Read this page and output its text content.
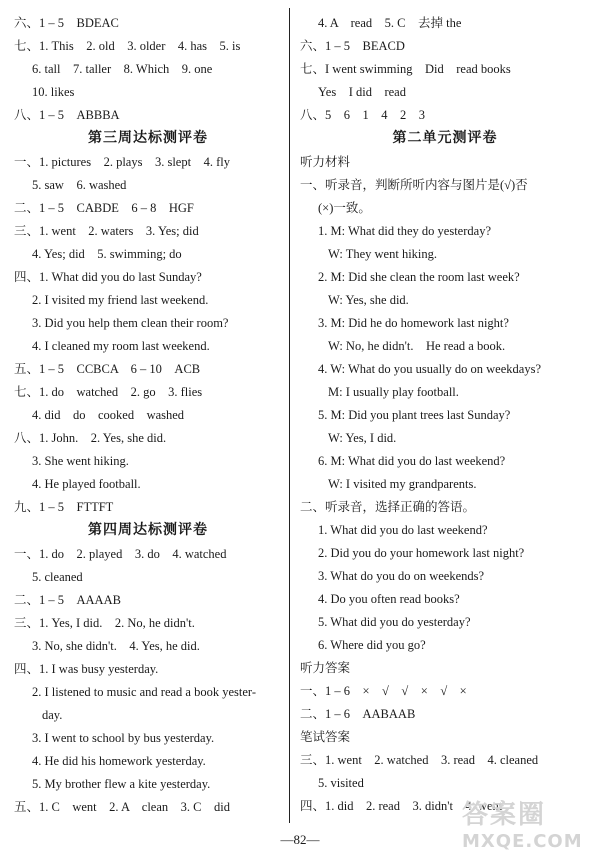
六、1 – 5　BDEAC
七、1. This　2. old　3. older　4. has　5. is
6. tall　7. taller　8. Which　9. one
10. likes
八、1 – 5　ABBBA
第三周达标测评卷
一、1. pictures　2. plays　3. slept　4. fly
5. saw　6. washed
二、1 – 5　CABDE　6 – 8　HGF
三、1. went　2. waters　3. Yes; did
4. Yes; did　5. swimming; do
四、1. What did you do last Sunday?
2. I visited my friend last weekend.
3. Did you help them clean their room?
4. I cleaned my room last weekend.
五、1 – 5　CCBCA　6 – 10　ACB
七、1. do　watched　2. go　3. flies
4. did　do　cooked　washed
八、1. John.　2. Yes, she did.
3. She went hiking.
4. He played football.
九、1 – 5　FTTFT
第四周达标测评卷
一、1. do　2. played　3. do　4. watched
5. cleaned
二、1 – 5　AAAAB
三、1. Yes, I did.　2. No, he didn't.
3. No, she didn't.　4. Yes, he did.
四、1. I was busy yesterday.
2. I listened to music and read a book yester-
day.
3. I went to school by bus yesterday.
4. He did his homework yesterday.
5. My brother flew a kite yesterday.
五、1. C　went　2. A　clean　3. C　did
4. A　read　5. C　去掉 the
六、1 – 5　BEACD
七、I went swimming　Did　read books
Yes　I did　read
八、5　6　1　4　2　3
第二单元测评卷
听力材料
一、听录音，判断所听内容与图片是(√)否
(×)一致。
1. M: What did they do yesterday?
W: They went hiking.
2. M: Did she clean the room last week?
W: Yes, she did.
3. M: Did he do homework last night?
W: No, he didn't.　He read a book.
4. W: What do you usually do on weekdays?
M: I usually play football.
5. M: Did you plant trees last Sunday?
W: Yes, I did.
6. M: What did you do last weekend?
W: I visited my grandparents.
二、听录音，选择正确的答语。
1. What did you do last weekend?
2. Did you do your homework last night?
3. What do you do on weekends?
4. Do you often read books?
5. What did you do yesterday?
6. Where did you go?
听力答案
一、1 – 6　×　√　√　×　√　×
二、1 – 6　AABAAB
笔试答案
三、1. went　2. watched　3. read　4. cleaned
5. visited
四、1. did　2. read　3. didn't　4. went
—82—
答案圈
MXQE.COM
